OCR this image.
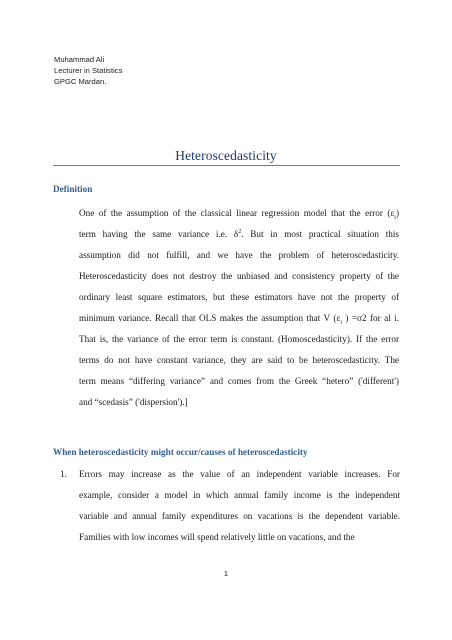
Muhammad Ali
Lecturer in Statistics
GPGC Mardan.
Heteroscedasticity
Definition
One of the assumption of the classical linear regression model that the error $(\varepsilon_i)$
term having the same variance i.e. $\delta^2$. But in most practical situation this
assumption did not fulfill, and we have the problem of heteroscedasticity.
Heteroscedasticity does not destroy the unbiased and consistency property of the
ordinary least square estimators, but these estimators have not the property of
minimum variance. Recall that OLS makes the assumption that V ($\varepsilon_i$ ) =σ2 for al i.
That is, the variance of the error term is constant. (Homoscedasticity). If the error
terms do not have constant variance, they are said to be heteroscedasticity. The
term means “differing variance” and comes from the Greek “hetero” ('different')
and “scedasis” ('dispersion').]
When heteroscedasticity might occur/causes of heteroscedasticity
1. Errors may increase as the value of an independent variable increases. For
example, consider a model in which annual family income is the independent
variable and annual family expenditures on vacations is the dependent variable.
Families with low incomes will spend relatively little on vacations, and the
1
